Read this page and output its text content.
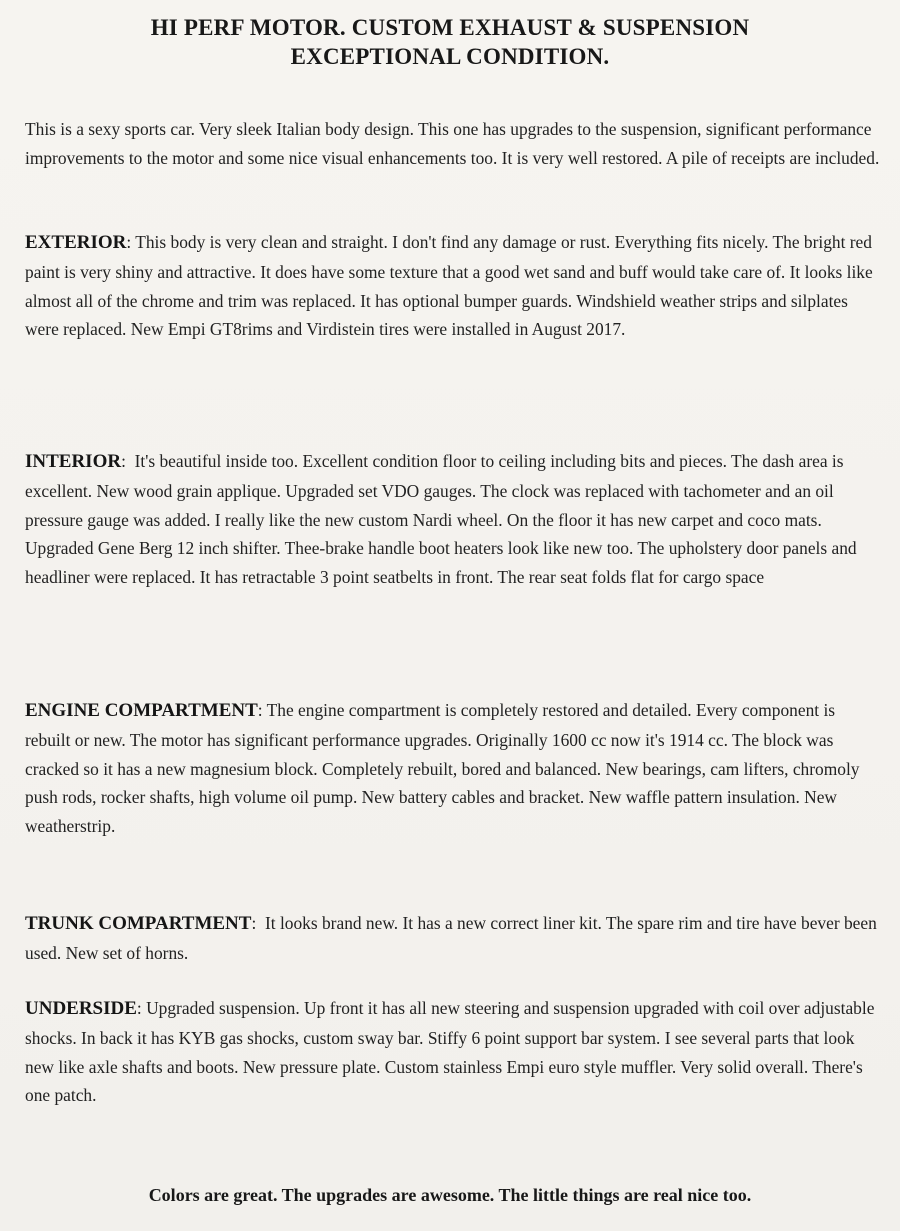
HI PERF MOTOR. CUSTOM EXHAUST & SUSPENSION
EXCEPTIONAL CONDITION.

This is a sexy sports car. Very sleek Italian body design. This one has upgrades to the suspension, significant performance improvements to the motor and some nice visual enhancements too. It is very well restored. A pile of receipts are included.

EXTERIOR: This body is very clean and straight. I don't find any damage or rust. Everything fits nicely. The bright red paint is very shiny and attractive. It does have some texture that a good wet sand and buff would take care of. It looks like almost all of the chrome and trim was replaced. It has optional bumper guards. Windshield weather strips and silplates were replaced. New Empi GT8rims and Virdistein tires were installed in August 2017.

INTERIOR:  It's beautiful inside too. Excellent condition floor to ceiling including bits and pieces. The dash area is excellent. New wood grain applique. Upgraded set VDO gauges. The clock was replaced with tachometer and an oil pressure gauge was added. I really like the new custom Nardi wheel. On the floor it has new carpet and coco mats. Upgraded Gene Berg 12 inch shifter. Thee-brake handle boot heaters look like new too. The upholstery door panels and headliner were replaced. It has retractable 3 point seatbelts in front. The rear seat folds flat for cargo space

ENGINE COMPARTMENT: The engine compartment is completely restored and detailed. Every component is rebuilt or new. The motor has significant performance upgrades. Originally 1600 cc now it's 1914 cc. The block was cracked so it has a new magnesium block. Completely rebuilt, bored and balanced. New bearings, cam lifters, chromoly push rods, rocker shafts, high volume oil pump. New battery cables and bracket. New waffle pattern insulation. New weatherstrip.

TRUNK COMPARTMENT:  It looks brand new. It has a new correct liner kit. The spare rim and tire have bever been used. New set of horns.

UNDERSIDE: Upgraded suspension. Up front it has all new steering and suspension upgraded with coil over adjustable shocks. In back it has KYB gas shocks, custom sway bar. Stiffy 6 point support bar system. I see several parts that look new like axle shafts and boots. New pressure plate. Custom stainless Empi euro style muffler. Very solid overall. There's one patch.

Colors are great. The upgrades are awesome. The little things are real nice too.
